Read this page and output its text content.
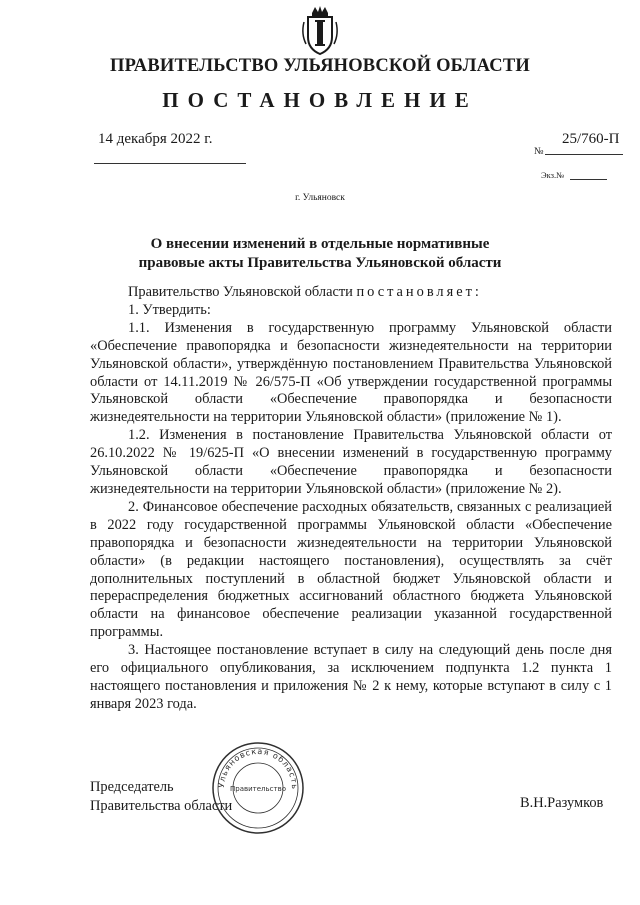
ПРАВИТЕЛЬСТВО УЛЬЯНОВСКОЙ ОБЛАСТИ
ПОСТАНОВЛЕНИЕ
14 декабря 2022 г.	25/760-П
№
Экз.№
г. Ульяновск
О внесении изменений в отдельные нормативные
правовые акты Правительства Ульяновской области

Правительство Ульяновской области постановляет:

1. Утвердить:

1.1. Изменения в государственную программу Ульяновской области «Обеспечение правопорядка и безопасности жизнедеятельности на территории Ульяновской области», утверждённую постановлением Правительства Ульяновской области от 14.11.2019 № 26/575-П «Об утверждении государственной программы Ульяновской области «Обеспечение правопорядка и безопасности жизнедеятельности на территории Ульяновской области» (приложение № 1).

1.2. Изменения в постановление Правительства Ульяновской области от 26.10.2022 № 19/625-П «О внесении изменений в государственную программу Ульяновской области «Обеспечение правопорядка и безопасности жизнедеятельности на территории Ульяновской области» (приложение № 2).

2. Финансовое обеспечение расходных обязательств, связанных с реализацией в 2022 году государственной программы Ульяновской области «Обеспечение правопорядка и безопасности жизнедеятельности на территории Ульяновской области» (в редакции настоящего постановления), осуществлять за счёт дополнительных поступлений в областной бюджет Ульяновской области и перераспределения бюджетных ассигнований областного бюджета Ульяновской области на финансовое обеспечение реализации указанной государственной программы.

3. Настоящее постановление вступает в силу на следующий день после дня его официального опубликования, за исключением подпункта 1.2 пункта 1 настоящего постановления и приложения № 2 к нему, которые вступают в силу с 1 января 2023 года.

Председатель
Правительства области	В.Н.Разумков
Ульяновская область
Правительство
